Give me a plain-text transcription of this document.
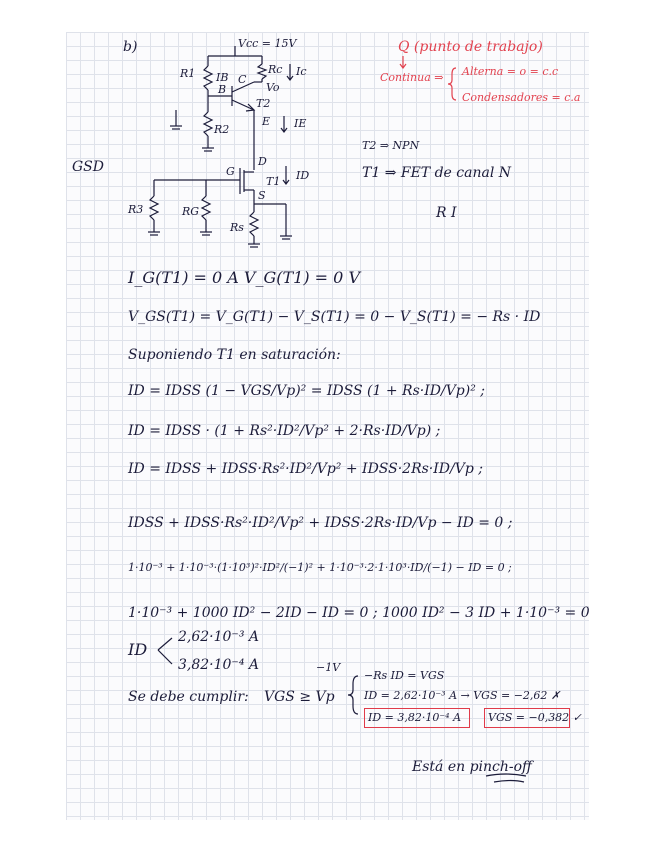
GSD
b)	Vcc = 15V
R1	Rc Ic
IB
B
C
Vo
T2
R2
E IE
G
D
T1 ID
S
R3	RG
Rs
Q (punto de trabajo)
Continua ⇒ Alterna = o = c.c
Condensadores = c.a
T2 ⇒ NPN
T1 ⇒ FET de canal N
R I
I_G(T1) = 0 A V_G(T1) = 0 V
V_GS(T1) = V_G(T1) − V_S(T1) = 0 − V_S(T1) = − Rs · ID
Suponiendo T1 en saturación:
ID = IDSS (1 − VGS/Vp)² = IDSS (1 + Rs·ID/Vp)² ;
ID = IDSS · (1 + Rs²·ID²/Vp² + 2·Rs·ID/Vp) ;
ID = IDSS + IDSS·Rs²·ID²/Vp² + IDSS·2Rs·ID/Vp ;
IDSS + IDSS·Rs²·ID²/Vp² + IDSS·2Rs·ID/Vp − ID = 0 ;
1·10⁻³ + 1·10⁻³·(1·10³)²·ID²/(−1)² + 1·10⁻³·2·1·10³·ID/(−1) − ID = 0 ;
1·10⁻³ + 1000 ID² − 2ID − ID = 0 ; 1000 ID² − 3 ID + 1·10⁻³ = 0
ID
2,62·10⁻³ A
3,82·10⁻⁴ A
Se debe cumplir: VGS ≥ Vp
−1V
−Rs ID = VGS
ID = 2,62·10⁻³ A → VGS = −2,62 ✗
ID = 3,82·10⁻⁴ A VGS = −0,382 ✓
Está en pinch-off
